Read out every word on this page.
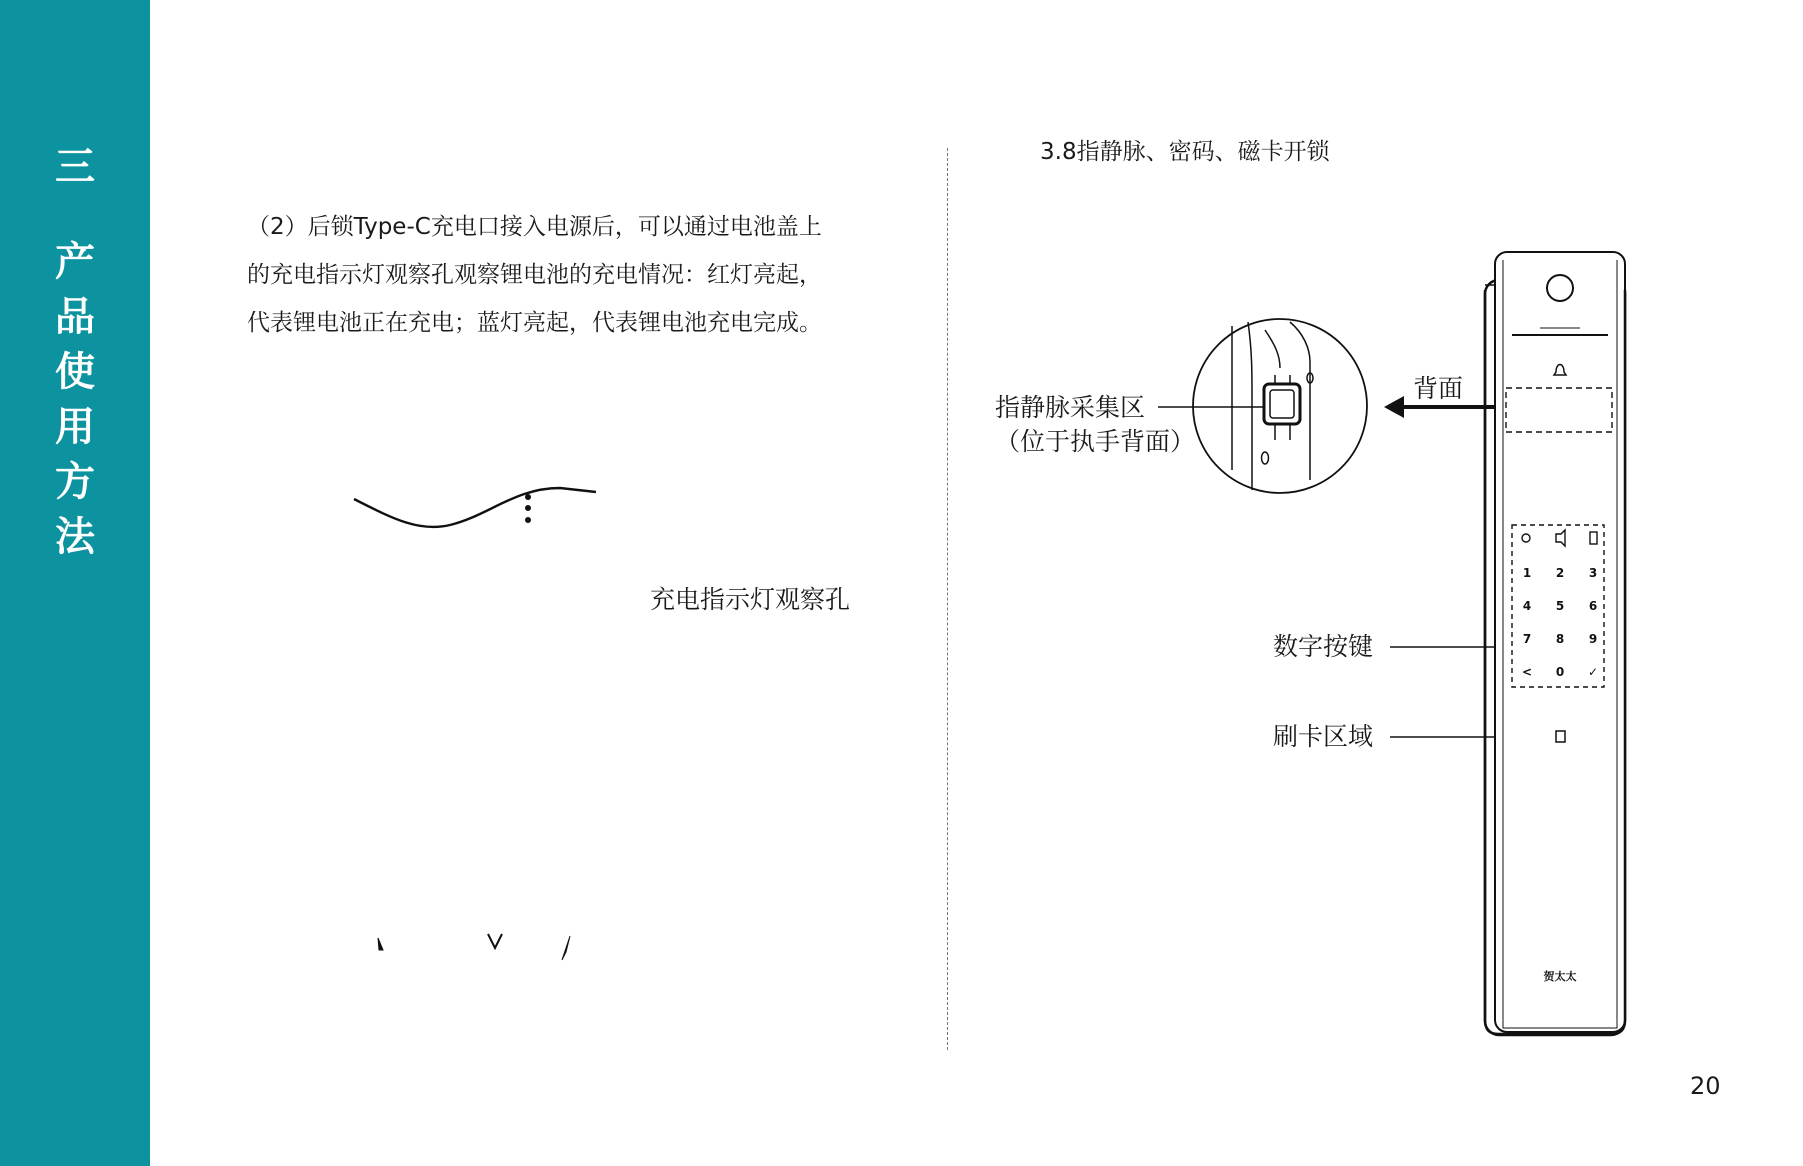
三
产
品
使
用
方
法

（2）后锁Type-C充电口接入电源后，可以通过电池盖上
的充电指示灯观察孔观察锂电池的充电情况：红灯亮起，
代表锂电池正在充电；蓝灯亮起，代表锂电池充电完成。

1 2 3
4 5 6
7 8 9
< 0 ✓
贺太太
充电指示灯观察孔
3.8指静脉、密码、磁卡开锁
指静脉采集区
（位于执手背面）
背面
数字按键
刷卡区域
20
